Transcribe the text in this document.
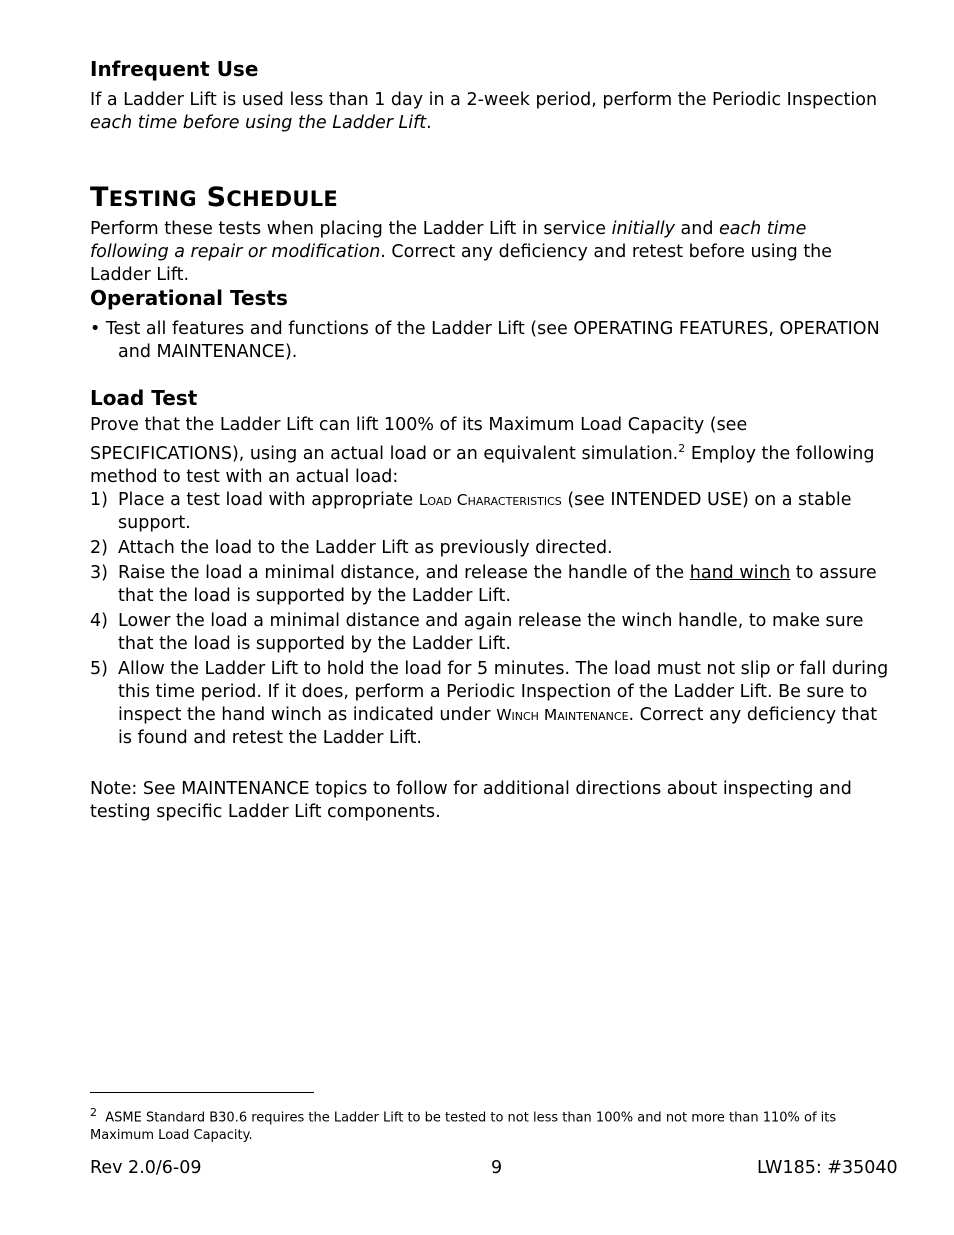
Infrequent Use

If a Ladder Lift is used less than 1 day in a 2-week period, perform the Periodic Inspection each time before using the Ladder Lift.

TESTING SCHEDULE

Perform these tests when placing the Ladder Lift in service initially and each time following a repair or modification. Correct any deficiency and retest before using the Ladder Lift.

Operational Tests

• Test all features and functions of the Ladder Lift (see OPERATING FEATURES, OPERATION and MAINTENANCE).

Load Test

Prove that the Ladder Lift can lift 100% of its Maximum Load Capacity (see SPECIFICATIONS), using an actual load or an equivalent simulation.$^2$ Employ the following method to test with an actual load:

1) Place a test load with appropriate Load Characteristics (see INTENDED USE) on a stable support.
2) Attach the load to the Ladder Lift as previously directed.
3) Raise the load a minimal distance, and release the handle of the hand winch to assure that the load is supported by the Ladder Lift.
4) Lower the load a minimal distance and again release the winch handle, to make sure that the load is supported by the Ladder Lift.
5) Allow the Ladder Lift to hold the load for 5 minutes. The load must not slip or fall during this time period. If it does, perform a Periodic Inspection of the Ladder Lift. Be sure to inspect the hand winch as indicated under Winch Maintenance. Correct any deficiency that is found and retest the Ladder Lift.

Note: See MAINTENANCE topics to follow for additional directions about inspecting and testing specific Ladder Lift components.

$^2$ ASME Standard B30.6 requires the Ladder Lift to be tested to not less than 100% and not more than 110% of its Maximum Load Capacity.
Rev 2.0/6-09	9	LW185: #35040
